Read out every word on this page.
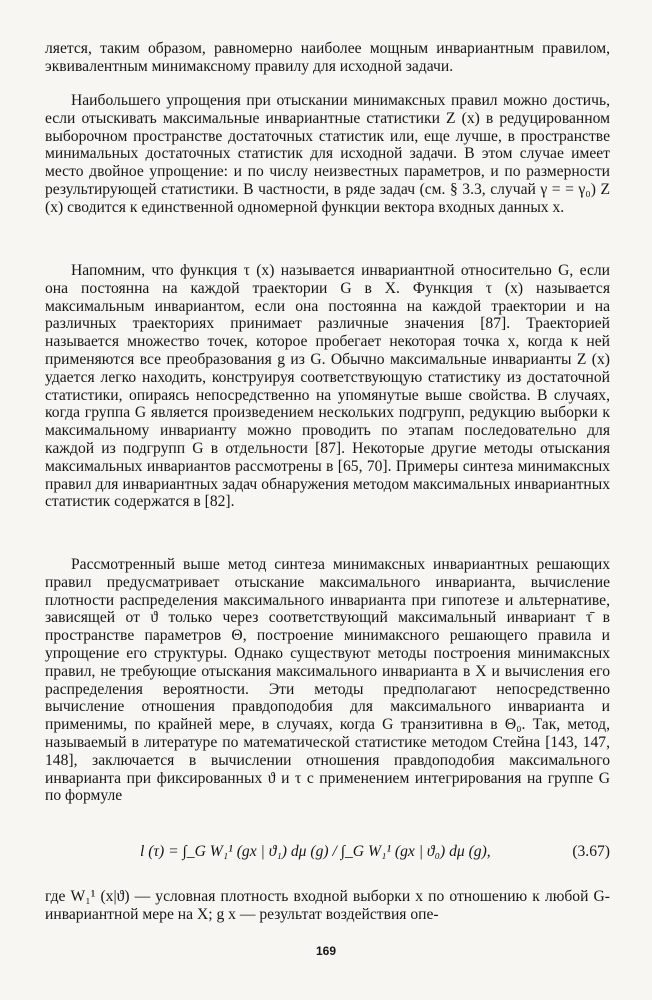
ляется, таким образом, равномерно наиболее мощным инвариантным правилом, эквивалентным минимаксному правилу для исходной задачи.

Наибольшего упрощения при отыскании минимаксных правил можно достичь, если отыскивать максимальные инвариантные статистики Z (x) в редуцированном выборочном пространстве достаточных статистик или, еще лучше, в пространстве минимальных достаточных статистик для исходной задачи. В этом случае имеет место двойное упрощение: и по числу неизвестных параметров, и по размерности результирующей статистики. В частности, в ряде задач (см. § 3.3, случай γ = = γ₀) Z (x) сводится к единственной одномерной функции вектора входных данных x.

Напомним, что функция τ (x) называется инвариантной относительно G, если она постоянна на каждой траектории G в X. Функция τ (x) называется максимальным инвариантом, если она постоянна на каждой траектории и на различных траекториях принимает различные значения [87]. Траекторией называется множество точек, которое пробегает некоторая точка x, когда к ней применяются все преобразования g из G. Обычно максимальные инварианты Z (x) удается легко находить, конструируя соответствующую статистику из достаточной статистики, опираясь непосредственно на упомянутые выше свойства. В случаях, когда группа G является произведением нескольких подгрупп, редукцию выборки к максимальному инварианту можно проводить по этапам последовательно для каждой из подгрупп G в отдельности [87]. Некоторые другие методы отыскания максимальных инвариантов рассмотрены в [65, 70]. Примеры синтеза минимаксных правил для инвариантных задач обнаружения методом максимальных инвариантных статистик содержатся в [82].

Рассмотренный выше метод синтеза минимаксных инвариантных решающих правил предусматривает отыскание максимального инварианта, вычисление плотности распределения максимального инварианта при гипотезе и альтернативе, зависящей от ϑ только через соответствующий максимальный инвариант τ̄ в пространстве параметров Θ, построение минимаксного решающего правила и упрощение его структуры. Однако существуют методы построения минимаксных правил, не требующие отыскания максимального инварианта в X и вычисления его распределения вероятности. Эти методы предполагают непосредственно вычисление отношения правдоподобия для максимального инварианта и применимы, по крайней мере, в случаях, когда G транзитивна в Θ₀. Так, метод, называемый в литературе по математической статистике методом Стейна [143, 147, 148], заключается в вычислении отношения правдоподобия максимального инварианта при фиксированных ϑ и τ с применением интегрирования на группе G по формуле

l (τ) = ∫_G W₁¹ (gx | ϑ₁) dμ (g) / ∫_G W₁¹ (gx | ϑ₀) dμ (g),	(3.67)

где W₁¹ (x|ϑ) — условная плотность входной выборки x по отношению к любой G-инвариантной мере на X; g x — результат воздействия опе-

169
